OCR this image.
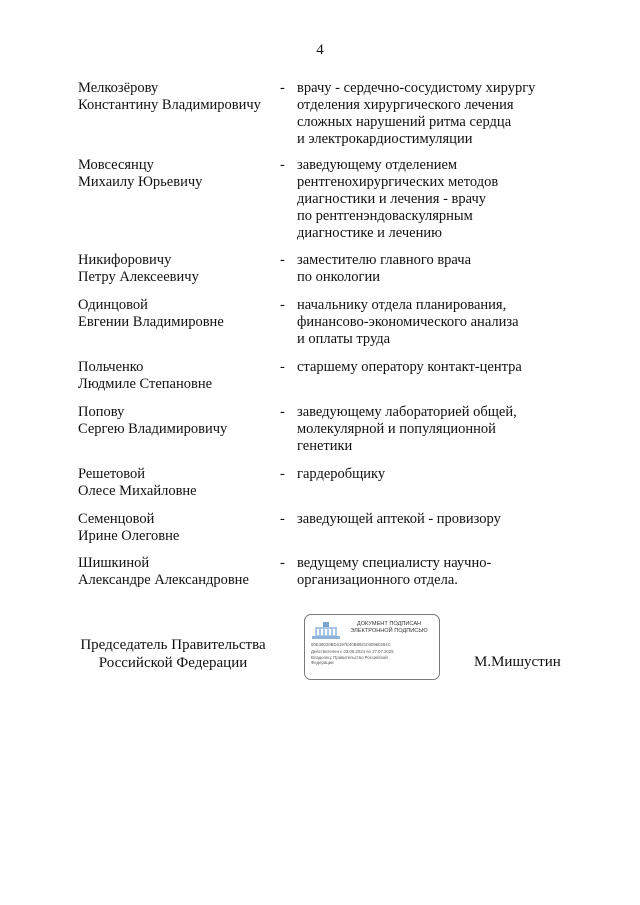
4
Мелкозёрову
Константину Владимировичу
- врачу - сердечно-сосудистому хирургу
отделения хирургического лечения
сложных нарушений ритма сердца
и электрокардиостимуляции
Мовсесянцу
Михаилу Юрьевичу
- заведующему отделением
рентгенохирургических методов
диагностики и лечения - врачу
по рентгенэндоваскулярным
диагностике и лечению
Никифоровичу
Петру Алексеевичу
- заместителю главного врача
по онкологии
Одинцовой
Евгении Владимировне
- начальнику отдела планирования,
финансово-экономического анализа
и оплаты труда
Польченко
Людмиле Степановне
- старшему оператору контакт-центра
Попову
Сергею Владимировичу
- заведующему лабораторией общей,
молекулярной и популяционной
генетики
Решетовой
Олесе Михайловне
- гардеробщику
Семенцовой
Ирине Олеговне
- заведующей аптекой - провизору
Шишкиной
Александре Александровне
- ведущему специалисту научно-
организационного отдела.
Председатель Правительства
Российской Федерации
ДОКУМЕНТ ПОДПИСАН
ЭЛЕКТРОННОЙ ПОДПИСЬЮ
00E38020BD2197E40B8921030960294C
Действителен с 03.05.2024 по 27.07.2025
Владелец: Правительство Российской
Федерации	М.Мишустин
